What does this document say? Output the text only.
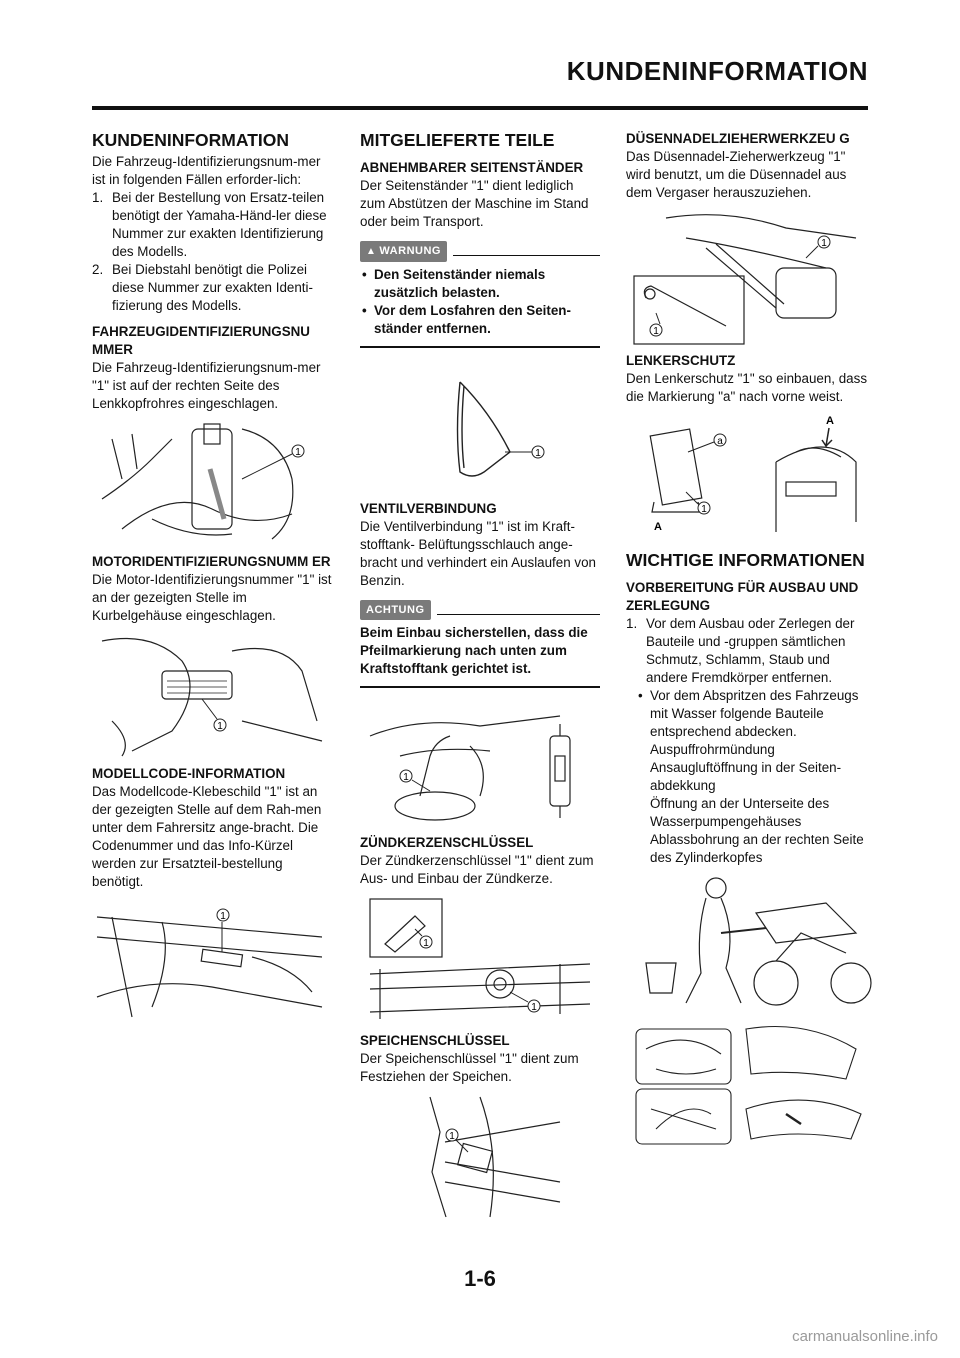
KUNDENINFORMATION
KUNDENINFORMATION

Die Fahrzeug-Identifizierungsnum-mer ist in folgenden Fällen erforder-lich:

1. Bei der Bestellung von Ersatz-teilen benötigt der Yamaha-Händ-ler diese Nummer zur exakten Identifizierung des Modells.
2. Bei Diebstahl benötigt die Polizei diese Nummer zur exakten Identi-fizierung des Modells.
FAHRZEUGIDENTIFIZIERUNGSNU MMER

Die Fahrzeug-Identifizierungsnum-mer "1" ist auf der rechten Seite des Lenkkopfrohres eingeschlagen.

1
MOTORIDENTIFIZIERUNGSNUMM ER

Die Motor-Identifizierungsnummer "1" ist an der gezeigten Stelle im Kurbelgehäuse eingeschlagen.

1
MODELLCODE-INFORMATION

Das Modellcode-Klebeschild "1" ist an der gezeigten Stelle auf dem Rah-men unter dem Fahrersitz ange-bracht. Die Codenummer und das Info-Kürzel werden zur Ersatzteil-bestellung benötigt.

1
MITGELIEFERTE TEILE
ABNEHMBARER SEITENSTÄNDER

Der Seitenständer "1" dient lediglich zum Abstützen der Maschine im Stand oder beim Transport.

▲ WARNUNG
• Den Seitenständer niemals zusätzlich belasten.
• Vor dem Losfahren den Seiten-ständer entfernen.
1
VENTILVERBINDUNG

Die Ventilverbindung "1" ist im Kraft-stofftank- Belüftungsschlauch ange-bracht und verhindert ein Auslaufen von Benzin.

ACHTUNG
Beim Einbau sicherstellen, dass die Pfeilmarkierung nach unten zum Kraftstofftank gerichtet ist.
1
ZÜNDKERZENSCHLÜSSEL

Der Zündkerzenschlüssel "1" dient zum Aus- und Einbau der Zündkerze.

1
1
SPEICHENSCHLÜSSEL

Der Speichenschlüssel "1" dient zum Festziehen der Speichen.

1
DÜSENNADELZIEHERWERKZEU G

Das Düsennadel-Zieherwerkzeug "1" wird benutzt, um die Düsennadel aus dem Vergaser herauszuziehen.

1
1
LENKERSCHUTZ

Den Lenkerschutz "1" so einbauen, dass die Markierung "a" nach vorne weist.

a
1
A
A
WICHTIGE INFORMATIONEN
VORBEREITUNG FÜR AUSBAU UND ZERLEGUNG
1. Vor dem Ausbau oder Zerlegen der Bauteile und -gruppen sämtlichen Schmutz, Schlamm, Staub und andere Fremdkörper entfernen.
• Vor dem Abspritzen des Fahrzeugs mit Wasser folgende Bauteile entsprechend abdecken.
Auspuffrohrmündung
Ansaugluftöffnung in der Seiten-abdekkung
Öffnung an der Unterseite des Wasserpumpengehäuses
Ablassbohrung an der rechten Seite des Zylinderkopfes
1-6
carmanualsonline.info
